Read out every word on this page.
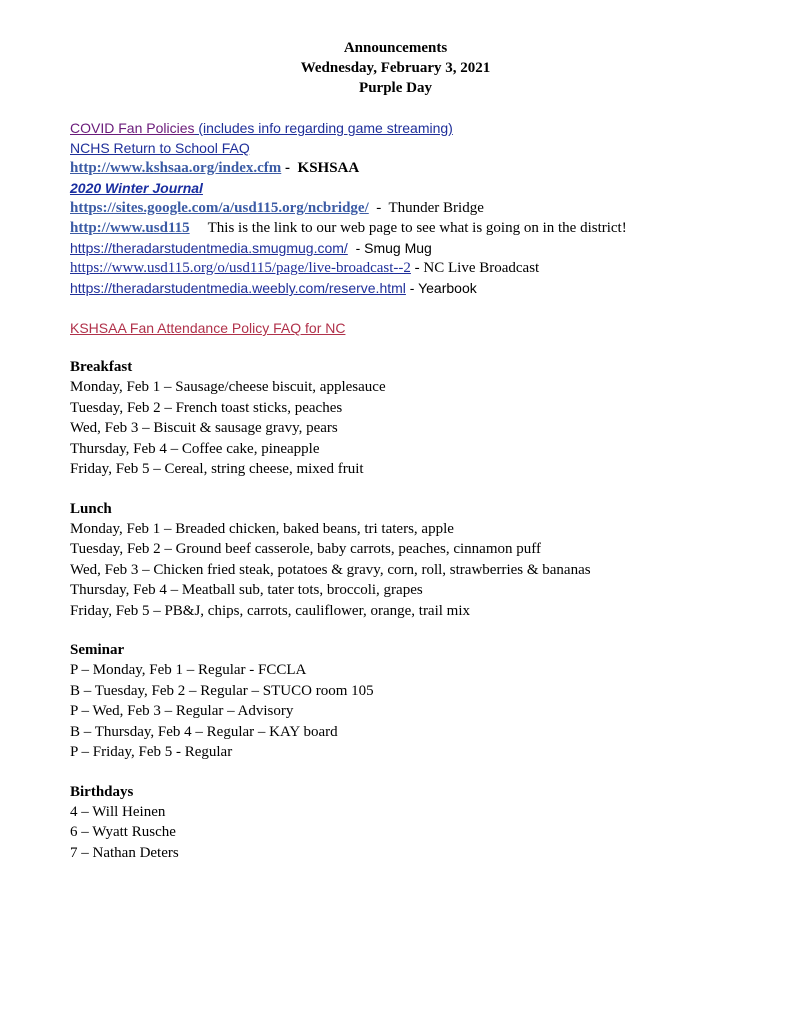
Announcements
Wednesday, February 3, 2021
Purple Day
COVID Fan Policies (includes info regarding game streaming)
NCHS Return to School FAQ
http://www.kshsaa.org/index.cfm -  KSHSAA
2020 Winter Journal
https://sites.google.com/a/usd115.org/ncbridge/  -  Thunder Bridge
http://www.usd115 This is the link to our web page to see what is going on in the district!
https://theradarstudentmedia.smugmug.com/  - Smug Mug
https://www.usd115.org/o/usd115/page/live-broadcast--2 - NC Live Broadcast
https://theradarstudentmedia.weebly.com/reserve.html - Yearbook
KSHSAA Fan Attendance Policy FAQ for NC
Breakfast
Monday, Feb 1 – Sausage/cheese biscuit, applesauce
Tuesday, Feb 2 – French toast sticks, peaches
Wed, Feb 3 – Biscuit & sausage gravy, pears
Thursday, Feb 4 – Coffee cake, pineapple
Friday, Feb 5 – Cereal, string cheese, mixed fruit
Lunch
Monday, Feb 1 – Breaded chicken, baked beans, tri taters, apple
Tuesday, Feb 2 – Ground beef casserole, baby carrots, peaches, cinnamon puff
Wed, Feb 3 – Chicken fried steak, potatoes & gravy, corn, roll, strawberries & bananas
Thursday, Feb 4 – Meatball sub, tater tots, broccoli, grapes
Friday, Feb 5 – PB&J, chips, carrots, cauliflower, orange, trail mix
Seminar
P – Monday, Feb 1 – Regular - FCCLA
B – Tuesday, Feb 2 – Regular – STUCO room 105
P – Wed, Feb 3 – Regular – Advisory
B – Thursday, Feb 4 – Regular – KAY board
P – Friday, Feb 5 - Regular
Birthdays
4 – Will Heinen
6 – Wyatt Rusche
7 – Nathan Deters
